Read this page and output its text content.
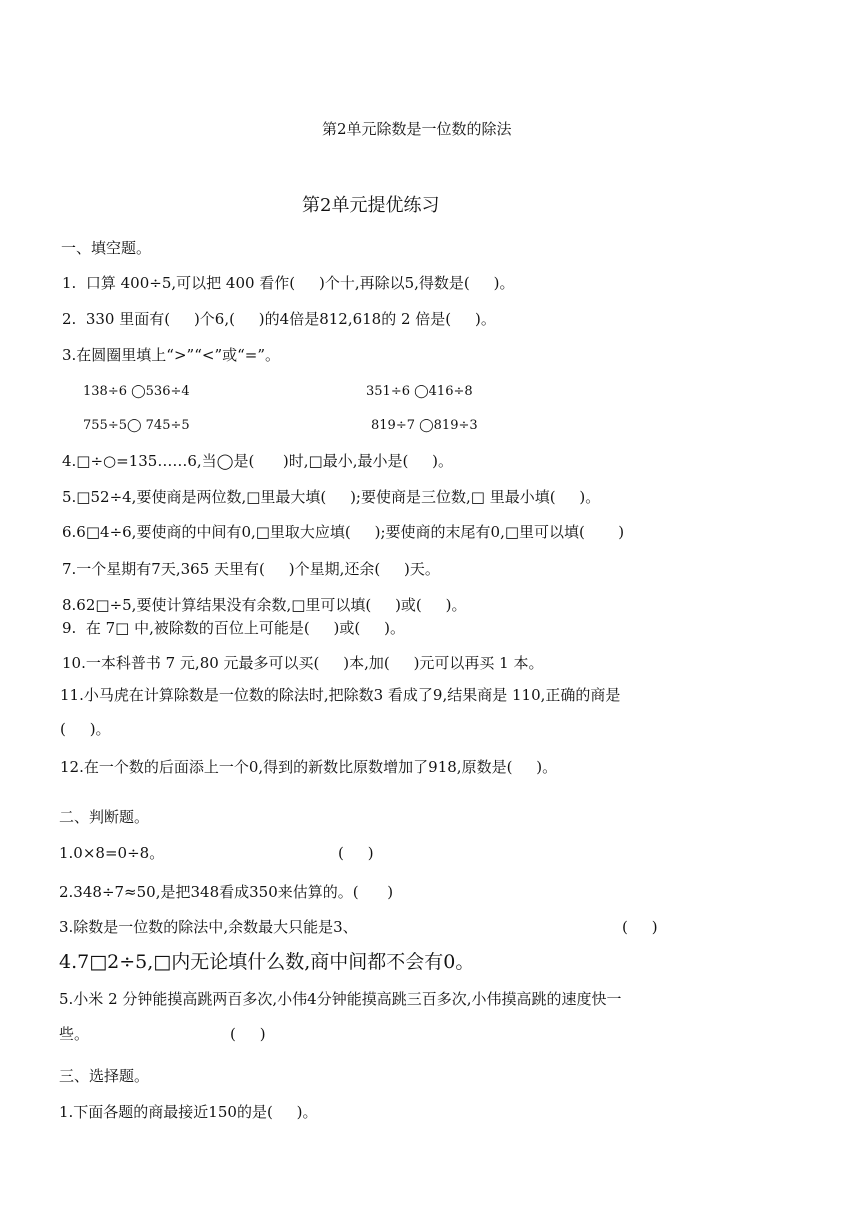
第2单元除数是一位数的除法
第2单元提优练习
一、填空题。
1.  口算 400÷5,可以把 400 看作(     )个十,再除以5,得数是(     )。
2.  330 里面有(     )个6,(     )的4倍是812,618的 2 倍是(     )。
3.在圆圈里填上“>”“<”或“=”。
138÷6 ◯536÷4	351÷6 ◯416÷8
755÷5◯ 745÷5	819÷7 ◯819÷3
4.□÷○=135……6,当◯是(      )时,□最小,最小是(     )。
5.□52÷4,要使商是两位数,□里最大填(     );要使商是三位数,□ 里最小填(     )。
6.6□4÷6,要使商的中间有0,□里取大应填(     );要使商的末尾有0,□里可以填(       )
7.一个星期有7天,365 天里有(     )个星期,还余(     )天。
8.62□÷5,要使计算结果没有余数,□里可以填(     )或(     )。
9.  在 7□ 中,被除数的百位上可能是(     )或(     )。
10.一本科普书 7 元,80 元最多可以买(     )本,加(     )元可以再买 1 本。
11.小马虎在计算除数是一位数的除法时,把除数3 看成了9,结果商是 110,正确的商是
(     )。
12.在一个数的后面添上一个0,得到的新数比原数增加了918,原数是(     )。
二、判断题。
1.0×8=0÷8。	(     )
2.348÷7≈50,是把348看成350来估算的。(      )
3.除数是一位数的除法中,余数最大只能是3、	(     )
4.7□2÷5,□内无论填什么数,商中间都不会有0。
5.小米 2 分钟能摸高跳两百多次,小伟4分钟能摸高跳三百多次,小伟摸高跳的速度快一
些。	(     )
三、选择题。
1.下面各题的商最接近150的是(     )。
